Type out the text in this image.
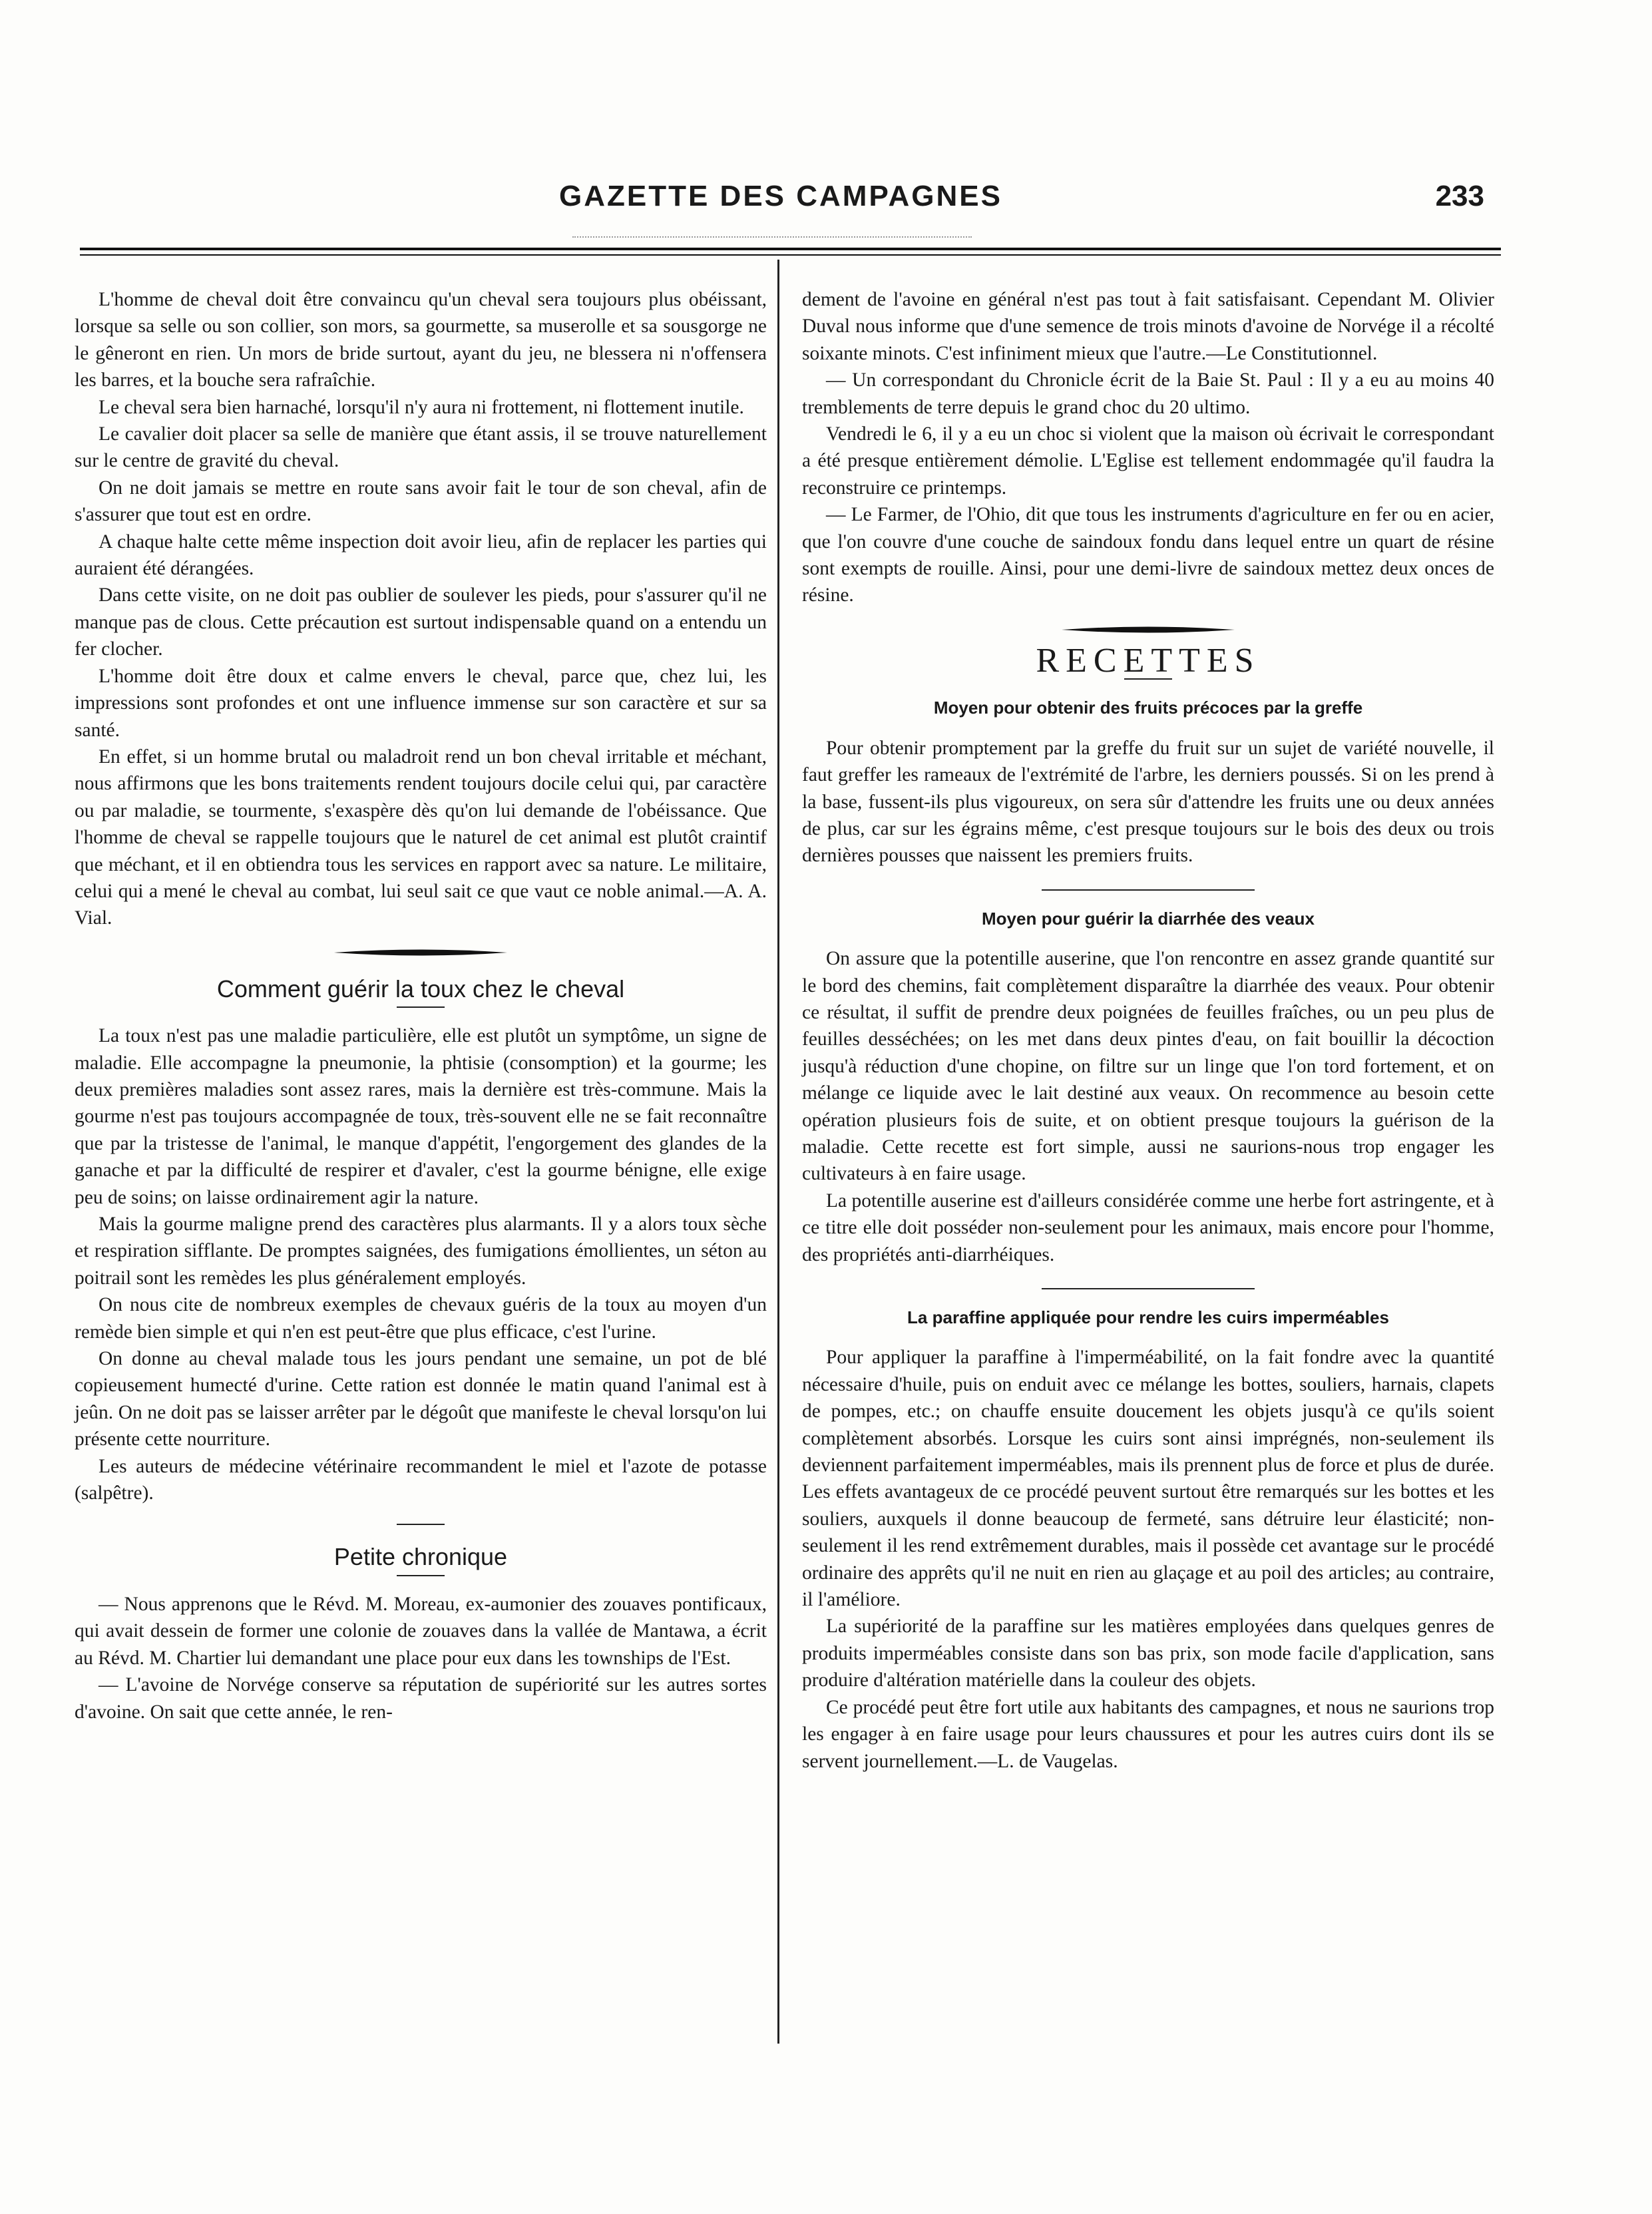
GAZETTE DES CAMPAGNES	233

L'homme de cheval doit être convaincu qu'un cheval sera toujours plus obéissant, lorsque sa selle ou son collier, son mors, sa gourmette, sa muserolle et sa sousgorge ne le gêneront en rien. Un mors de bride surtout, ayant du jeu, ne blessera ni n'offensera les barres, et la bouche sera rafraîchie.

Le cheval sera bien harnaché, lorsqu'il n'y aura ni frottement, ni flottement inutile.

Le cavalier doit placer sa selle de manière que étant assis, il se trouve naturellement sur le centre de gravité du cheval.

On ne doit jamais se mettre en route sans avoir fait le tour de son cheval, afin de s'assurer que tout est en ordre.

A chaque halte cette même inspection doit avoir lieu, afin de replacer les parties qui auraient été dérangées.

Dans cette visite, on ne doit pas oublier de soulever les pieds, pour s'assurer qu'il ne manque pas de clous. Cette précaution est surtout indispensable quand on a entendu un fer clocher.

L'homme doit être doux et calme envers le cheval, parce que, chez lui, les impressions sont profondes et ont une influence immense sur son caractère et sur sa santé.

En effet, si un homme brutal ou maladroit rend un bon cheval irritable et méchant, nous affirmons que les bons traitements rendent toujours docile celui qui, par caractère ou par maladie, se tourmente, s'exaspère dès qu'on lui demande de l'obéissance. Que l'homme de cheval se rappelle toujours que le naturel de cet animal est plutôt craintif que méchant, et il en obtiendra tous les services en rapport avec sa nature. Le militaire, celui qui a mené le cheval au combat, lui seul sait ce que vaut ce noble animal.—A. A. Vial.

Comment guérir la toux chez le cheval

La toux n'est pas une maladie particulière, elle est plutôt un symptôme, un signe de maladie. Elle accompagne la pneumonie, la phtisie (consomption) et la gourme; les deux premières maladies sont assez rares, mais la dernière est très-commune. Mais la gourme n'est pas toujours accompagnée de toux, très-souvent elle ne se fait reconnaître que par la tristesse de l'animal, le manque d'appétit, l'engorgement des glandes de la ganache et par la difficulté de respirer et d'avaler, c'est la gourme bénigne, elle exige peu de soins; on laisse ordinairement agir la nature.

Mais la gourme maligne prend des caractères plus alarmants. Il y a alors toux sèche et respiration sifflante. De promptes saignées, des fumigations émollientes, un séton au poitrail sont les remèdes les plus généralement employés.

On nous cite de nombreux exemples de chevaux guéris de la toux au moyen d'un remède bien simple et qui n'en est peut-être que plus efficace, c'est l'urine.

On donne au cheval malade tous les jours pendant une semaine, un pot de blé copieusement humecté d'urine. Cette ration est donnée le matin quand l'animal est à jeûn. On ne doit pas se laisser arrêter par le dégoût que manifeste le cheval lorsqu'on lui présente cette nourriture.

Les auteurs de médecine vétérinaire recommandent le miel et l'azote de potasse (salpêtre).

Petite chronique

— Nous apprenons que le Révd. M. Moreau, ex-aumonier des zouaves pontificaux, qui avait dessein de former une colonie de zouaves dans la vallée de Mantawa, a écrit au Révd. M. Chartier lui demandant une place pour eux dans les townships de l'Est.

— L'avoine de Norvége conserve sa réputation de supériorité sur les autres sortes d'avoine. On sait que cette année, le ren-

dement de l'avoine en général n'est pas tout à fait satisfaisant. Cependant M. Olivier Duval nous informe que d'une semence de trois minots d'avoine de Norvége il a récolté soixante minots. C'est infiniment mieux que l'autre.—Le Constitutionnel.

— Un correspondant du Chronicle écrit de la Baie St. Paul : Il y a eu au moins 40 tremblements de terre depuis le grand choc du 20 ultimo.

Vendredi le 6, il y a eu un choc si violent que la maison où écrivait le correspondant a été presque entièrement démolie. L'Eglise est tellement endommagée qu'il faudra la reconstruire ce printemps.

— Le Farmer, de l'Ohio, dit que tous les instruments d'agriculture en fer ou en acier, que l'on couvre d'une couche de saindoux fondu dans lequel entre un quart de résine sont exempts de rouille. Ainsi, pour une demi-livre de saindoux mettez deux onces de résine.

RECETTES
Moyen pour obtenir des fruits précoces par la greffe

Pour obtenir promptement par la greffe du fruit sur un sujet de variété nouvelle, il faut greffer les rameaux de l'extrémité de l'arbre, les derniers poussés. Si on les prend à la base, fussent-ils plus vigoureux, on sera sûr d'attendre les fruits une ou deux années de plus, car sur les égrains même, c'est presque toujours sur le bois des deux ou trois dernières pousses que naissent les premiers fruits.

Moyen pour guérir la diarrhée des veaux

On assure que la potentille auserine, que l'on rencontre en assez grande quantité sur le bord des chemins, fait complètement disparaître la diarrhée des veaux. Pour obtenir ce résultat, il suffit de prendre deux poignées de feuilles fraîches, ou un peu plus de feuilles desséchées; on les met dans deux pintes d'eau, on fait bouillir la décoction jusqu'à réduction d'une chopine, on filtre sur un linge que l'on tord fortement, et on mélange ce liquide avec le lait destiné aux veaux. On recommence au besoin cette opération plusieurs fois de suite, et on obtient presque toujours la guérison de la maladie. Cette recette est fort simple, aussi ne saurions-nous trop engager les cultivateurs à en faire usage.

La potentille auserine est d'ailleurs considérée comme une herbe fort astringente, et à ce titre elle doit posséder non-seulement pour les animaux, mais encore pour l'homme, des propriétés anti-diarrhéiques.

La paraffine appliquée pour rendre les cuirs imperméables

Pour appliquer la paraffine à l'imperméabilité, on la fait fondre avec la quantité nécessaire d'huile, puis on enduit avec ce mélange les bottes, souliers, harnais, clapets de pompes, etc.; on chauffe ensuite doucement les objets jusqu'à ce qu'ils soient complètement absorbés. Lorsque les cuirs sont ainsi imprégnés, non-seulement ils deviennent parfaitement imperméables, mais ils prennent plus de force et plus de durée. Les effets avantageux de ce procédé peuvent surtout être remarqués sur les bottes et les souliers, auxquels il donne beaucoup de fermeté, sans détruire leur élasticité; non-seulement il les rend extrêmement durables, mais il possède cet avantage sur le procédé ordinaire des apprêts qu'il ne nuit en rien au glaçage et au poil des articles; au contraire, il l'améliore.

La supériorité de la paraffine sur les matières employées dans quelques genres de produits imperméables consiste dans son bas prix, son mode facile d'application, sans produire d'altération matérielle dans la couleur des objets.

Ce procédé peut être fort utile aux habitants des campagnes, et nous ne saurions trop les engager à en faire usage pour leurs chaussures et pour les autres cuirs dont ils se servent journellement.—L. de Vaugelas.
